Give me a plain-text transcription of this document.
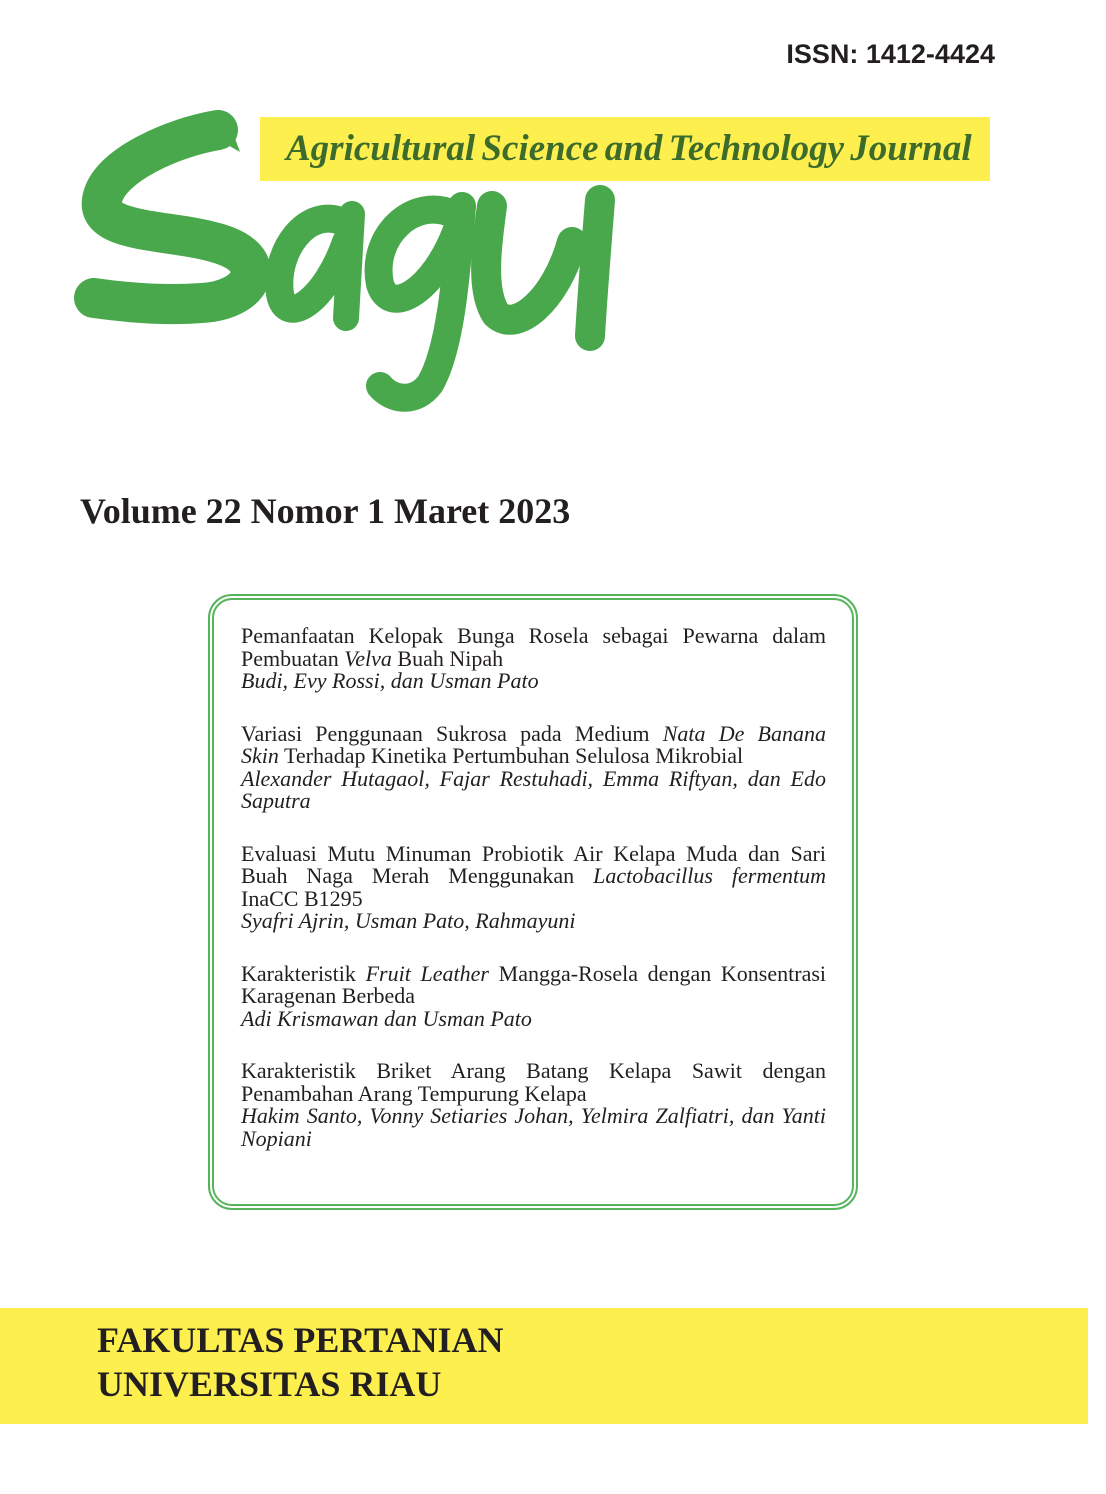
ISSN: 1412-4424
Agricultural Science and Technology Journal
Volume 22 Nomor 1 Maret 2023
Pemanfaatan Kelopak Bunga Rosela sebagai Pewarna dalam
Pembuatan Velva Buah Nipah
Budi, Evy Rossi, dan Usman Pato
Variasi Penggunaan Sukrosa pada Medium Nata De Banana
Skin Terhadap Kinetika Pertumbuhan Selulosa Mikrobial
Alexander Hutagaol, Fajar Restuhadi, Emma Riftyan, dan Edo
Saputra
Evaluasi Mutu Minuman Probiotik Air Kelapa Muda dan Sari
Buah Naga Merah Menggunakan Lactobacillus fermentum
InaCC B1295
Syafri Ajrin, Usman Pato, Rahmayuni
Karakteristik Fruit Leather Mangga-Rosela dengan Konsentrasi
Karagenan Berbeda
Adi Krismawan dan Usman Pato
Karakteristik Briket Arang Batang Kelapa Sawit dengan
Penambahan Arang Tempurung Kelapa
Hakim Santo, Vonny Setiaries Johan, Yelmira Zalfiatri, dan Yanti
Nopiani
FAKULTAS PERTANIAN
UNIVERSITAS RIAU
